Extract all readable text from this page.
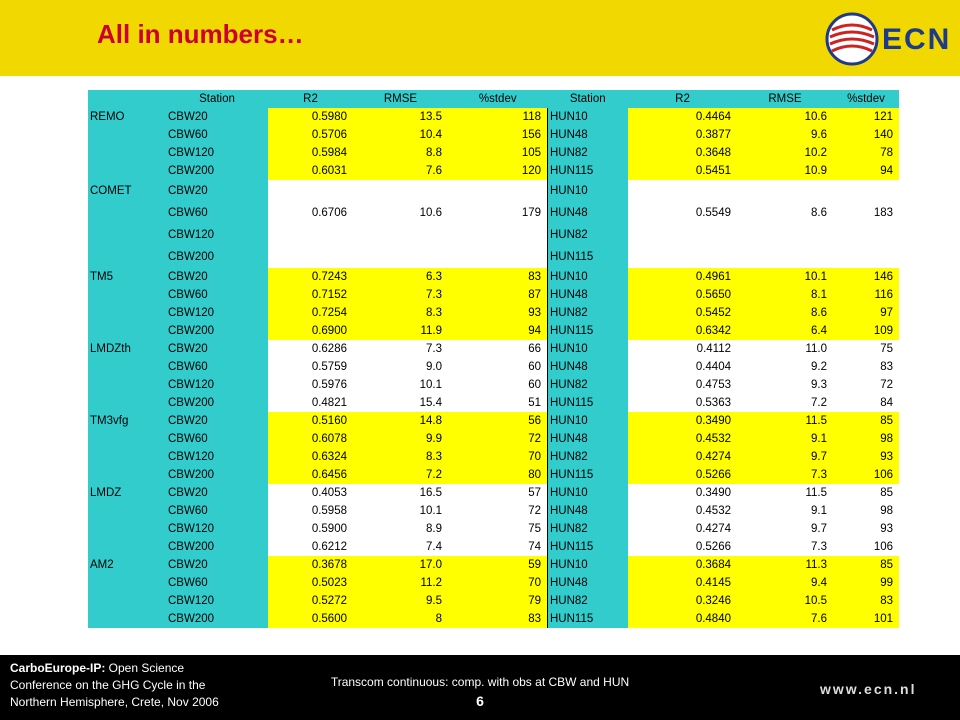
All in numbers…	ECN
	Station	R2	RMSE	%stdev	Station	R2	RMSE	%stdev
REMO	CBW20	0.5980	13.5	118	HUN10	0.4464	10.6	121
	CBW60	0.5706	10.4	156	HUN48	0.3877	9.6	140
	CBW120	0.5984	8.8	105	HUN82	0.3648	10.2	78
	CBW200	0.6031	7.6	120	HUN115	0.5451	10.9	94
COMET	CBW20				HUN10			
	CBW60	0.6706	10.6	179	HUN48	0.5549	8.6	183
	CBW120				HUN82			
	CBW200				HUN115			
TM5	CBW20	0.7243	6.3	83	HUN10	0.4961	10.1	146
	CBW60	0.7152	7.3	87	HUN48	0.5650	8.1	116
	CBW120	0.7254	8.3	93	HUN82	0.5452	8.6	97
	CBW200	0.6900	11.9	94	HUN115	0.6342	6.4	109
LMDZth	CBW20	0.6286	7.3	66	HUN10	0.4112	11.0	75
	CBW60	0.5759	9.0	60	HUN48	0.4404	9.2	83
	CBW120	0.5976	10.1	60	HUN82	0.4753	9.3	72
	CBW200	0.4821	15.4	51	HUN115	0.5363	7.2	84
TM3vfg	CBW20	0.5160	14.8	56	HUN10	0.3490	11.5	85
	CBW60	0.6078	9.9	72	HUN48	0.4532	9.1	98
	CBW120	0.6324	8.3	70	HUN82	0.4274	9.7	93
	CBW200	0.6456	7.2	80	HUN115	0.5266	7.3	106
LMDZ	CBW20	0.4053	16.5	57	HUN10	0.3490	11.5	85
	CBW60	0.5958	10.1	72	HUN48	0.4532	9.1	98
	CBW120	0.5900	8.9	75	HUN82	0.4274	9.7	93
	CBW200	0.6212	7.4	74	HUN115	0.5266	7.3	106
AM2	CBW20	0.3678	17.0	59	HUN10	0.3684	11.3	85
	CBW60	0.5023	11.2	70	HUN48	0.4145	9.4	99
	CBW120	0.5272	9.5	79	HUN82	0.3246	10.5	83
	CBW200	0.5600	8	83	HUN115	0.4840	7.6	101
CarboEurope-IP: Open Science
Conference on the GHG Cycle in the
Northern Hemisphere, Crete, Nov 2006
Transcom continuous: comp. with obs at CBW and HUN
6
www.ecn.nl
